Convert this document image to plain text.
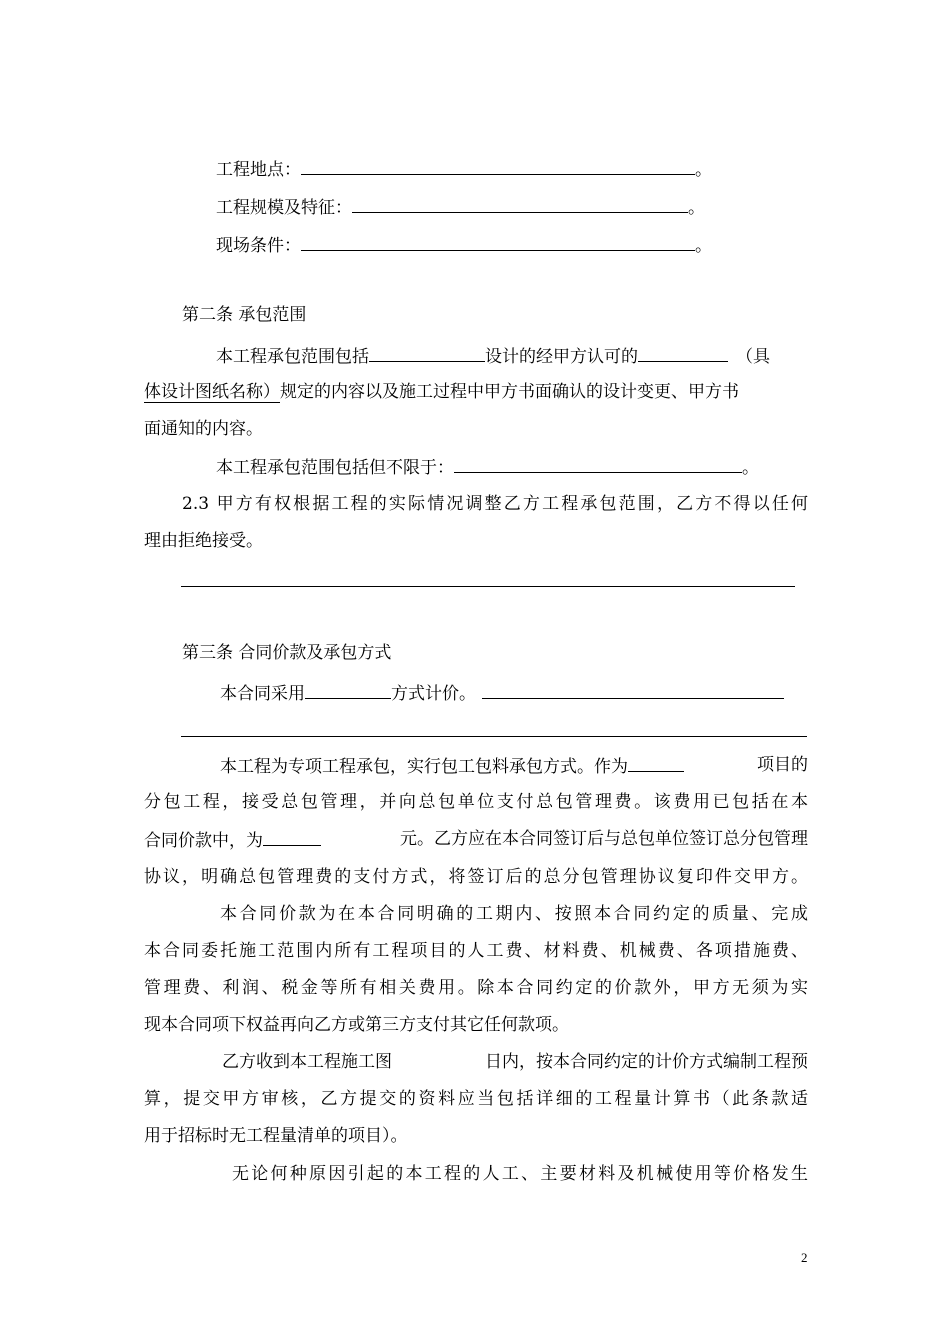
工程地点：	。
工程规模及特征：	。
现场条件：	。
第二条 承包范围
本工程承包范围包括	设计的经甲方认可的	（具
体设计图纸名称）规定的内容以及施工过程中甲方书面确认的设计变更、甲方书
面通知的内容。
本工程承包范围包括但不限于：	。
2.3 甲方有权根据工程的实际情况调整乙方工程承包范围，乙方不得以任何
理由拒绝接受。
第三条 合同价款及承包方式
本合同采用	方式计价。
本工程为专项工程承包，实行包工包料承包方式。作为	项目的
分包工程，接受总包管理，并向总包单位支付总包管理费。该费用已包括在本
合同价款中，为	元。乙方应在本合同签订后与总包单位签订总分包管理
协议，明确总包管理费的支付方式，将签订后的总分包管理协议复印件交甲方。
本合同价款为在本合同明确的工期内、按照本合同约定的质量、完成
本合同委托施工范围内所有工程项目的人工费、材料费、机械费、各项措施费、
管理费、利润、税金等所有相关费用。除本合同约定的价款外，甲方无须为实
现本合同项下权益再向乙方或第三方支付其它任何款项。
乙方收到本工程施工图	日内，按本合同约定的计价方式编制工程预
算，提交甲方审核，乙方提交的资料应当包括详细的工程量计算书（此条款适
用于招标时无工程量清单的项目）。
无论何种原因引起的本工程的人工、主要材料及机械使用等价格发生
2
